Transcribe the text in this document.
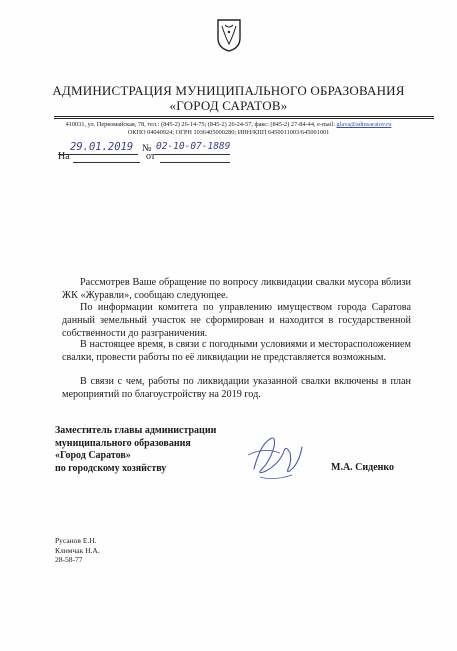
АДМИНИСТРАЦИЯ МУНИЦИПАЛЬНОГО ОБРАЗОВАНИЯ
«ГОРОД САРАТОВ»
410031, ул. Первомайская, 78, тел.: (845-2) 26-14-75; (845-2) 26-24-57, факс: (845-2) 27-84-44, e-mail: glava@admsaratov.ru
ОКПО 04040924; ОГРН 1036405000280; ИНН/КПП 6450011003/645001001
29.01.2019 № 02-10-07-1889
На	от
Рассмотрев Ваше обращение по вопросу ликвидации свалки мусора вблизи ЖК «Журавли», сообщаю следующее.
По информации комитета по управлению имуществом города Саратова данный земельный участок не сформирован и находится в государственной собственности до разграничения.
В настоящее время, в связи с погодными условиями и месторасположением свалки, провести работы по её ликвидации не представляется возможным.
В связи с чем, работы по ликвидации указанной свалки включены в план мероприятий по благоустройству на 2019 год.
Заместитель главы администрации
муниципального образования
«Город Саратов»
по городскому хозяйству	М.А. Сиденко
Русанов Е.Н.
Климчак Н.А.
28-58-77
